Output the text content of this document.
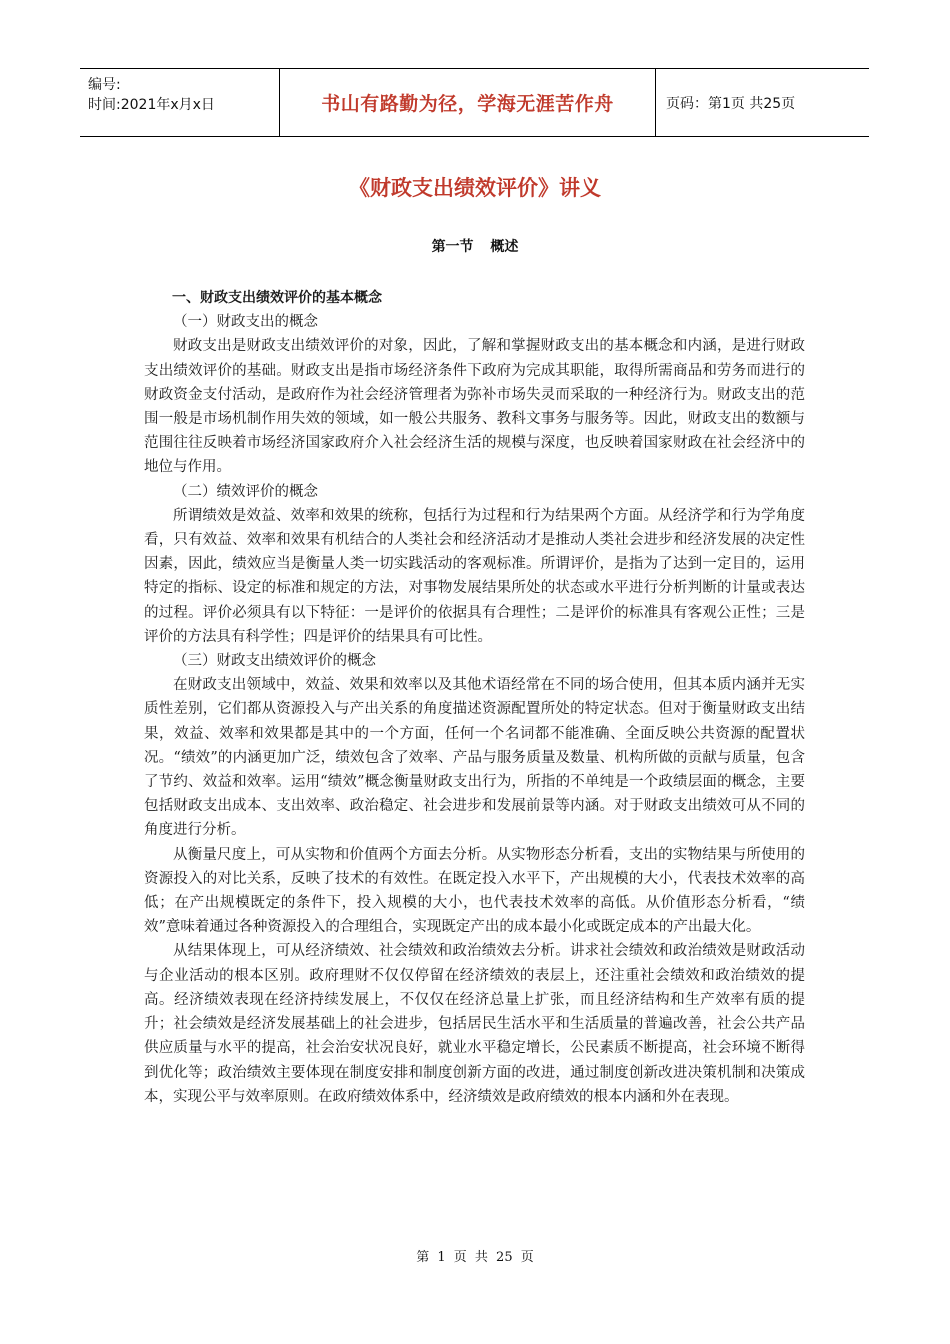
编号:
时间:2021年x月x日	书山有路勤为径，学海无涯苦作舟	页码：第1页 共25页
《财政支出绩效评价》讲义
第一节 概述

一、财政支出绩效评价的基本概念

（一）财政支出的概念

财政支出是财政支出绩效评价的对象，因此，了解和掌握财政支出的基本概念和内涵，是进行财政支出绩效评价的基础。财政支出是指市场经济条件下政府为完成其职能，取得所需商品和劳务而进行的财政资金支付活动，是政府作为社会经济管理者为弥补市场失灵而采取的一种经济行为。财政支出的范围一般是市场机制作用失效的领域，如一般公共服务、教科文事务与服务等。因此，财政支出的数额与范围往往反映着市场经济国家政府介入社会经济生活的规模与深度，也反映着国家财政在社会经济中的地位与作用。

（二）绩效评价的概念

所谓绩效是效益、效率和效果的统称，包括行为过程和行为结果两个方面。从经济学和行为学角度看，只有效益、效率和效果有机结合的人类社会和经济活动才是推动人类社会进步和经济发展的决定性因素，因此，绩效应当是衡量人类一切实践活动的客观标准。所谓评价，是指为了达到一定目的，运用特定的指标、设定的标准和规定的方法，对事物发展结果所处的状态或水平进行分析判断的计量或表达的过程。评价必须具有以下特征：一是评价的依据具有合理性；二是评价的标准具有客观公正性；三是评价的方法具有科学性；四是评价的结果具有可比性。

（三）财政支出绩效评价的概念

在财政支出领域中，效益、效果和效率以及其他术语经常在不同的场合使用，但其本质内涵并无实质性差别，它们都从资源投入与产出关系的角度描述资源配置所处的特定状态。但对于衡量财政支出结果，效益、效率和效果都是其中的一个方面，任何一个名词都不能准确、全面反映公共资源的配置状况。“绩效”的内涵更加广泛，绩效包含了效率、产品与服务质量及数量、机构所做的贡献与质量，包含了节约、效益和效率。运用“绩效”概念衡量财政支出行为，所指的不单纯是一个政绩层面的概念，主要包括财政支出成本、支出效率、政治稳定、社会进步和发展前景等内涵。对于财政支出绩效可从不同的角度进行分析。

从衡量尺度上，可从实物和价值两个方面去分析。从实物形态分析看，支出的实物结果与所使用的资源投入的对比关系，反映了技术的有效性。在既定投入水平下，产出规模的大小，代表技术效率的高低；在产出规模既定的条件下，投入规模的大小，也代表技术效率的高低。从价值形态分析看，“绩效”意味着通过各种资源投入的合理组合，实现既定产出的成本最小化或既定成本的产出最大化。

从结果体现上，可从经济绩效、社会绩效和政治绩效去分析。讲求社会绩效和政治绩效是财政活动与企业活动的根本区别。政府理财不仅仅停留在经济绩效的表层上，还注重社会绩效和政治绩效的提高。经济绩效表现在经济持续发展上，不仅仅在经济总量上扩张，而且经济结构和生产效率有质的提升；社会绩效是经济发展基础上的社会进步，包括居民生活水平和生活质量的普遍改善，社会公共产品供应质量与水平的提高，社会治安状况良好，就业水平稳定增长，公民素质不断提高，社会环境不断得到优化等；政治绩效主要体现在制度安排和制度创新方面的改进，通过制度创新改进决策机制和决策成本，实现公平与效率原则。在政府绩效体系中，经济绩效是政府绩效的根本内涵和外在表现。

第 1 页 共 25 页
